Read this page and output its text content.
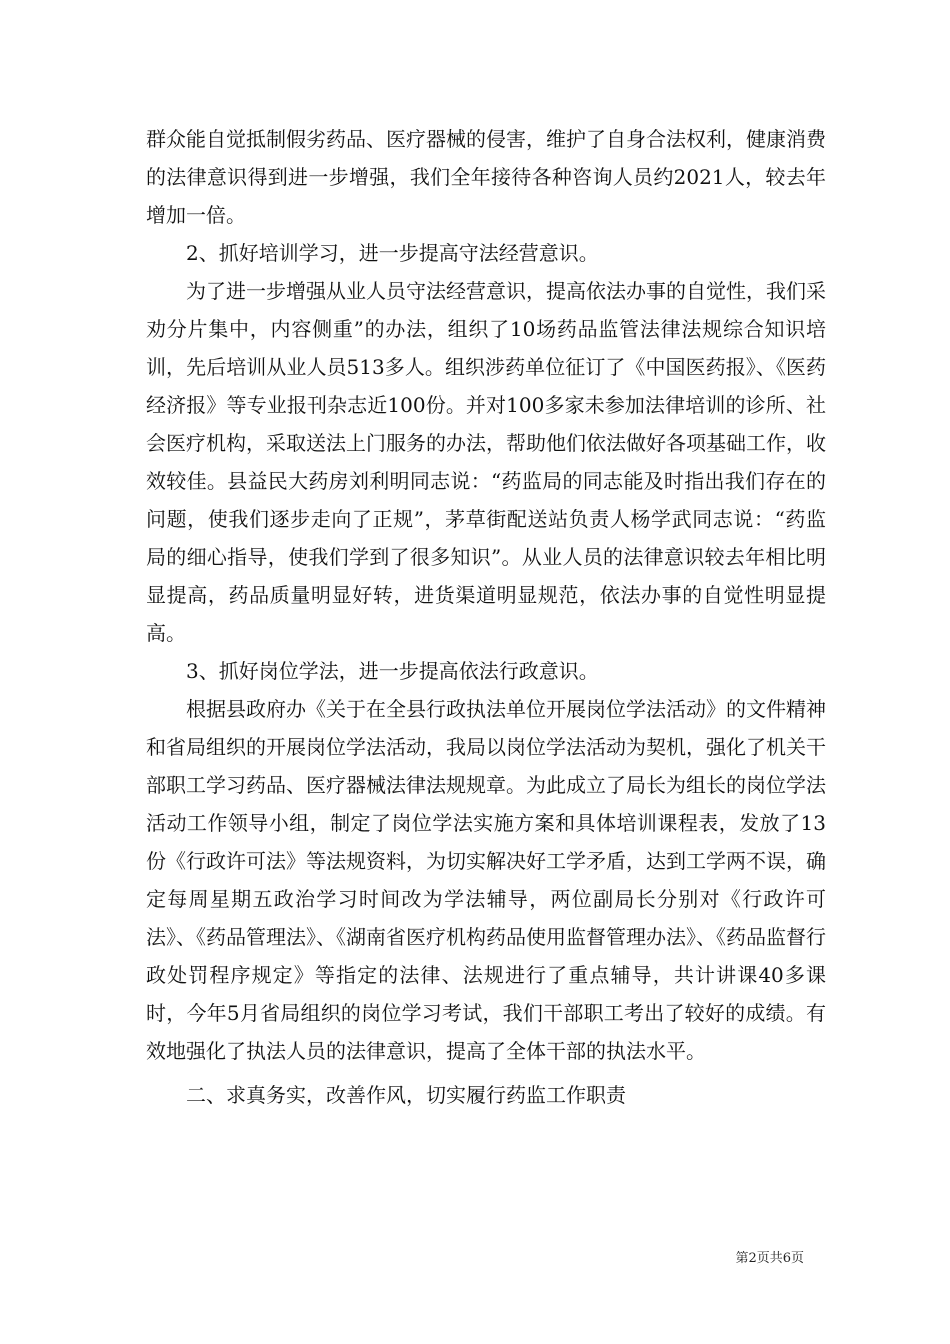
群众能自觉抵制假劣药品、医疗器械的侵害，维护了自身合法权利，健康消费的法律意识得到进一步增强，我们全年接待各种咨询人员约2021人，较去年增加一倍。

2、抓好培训学习，进一步提高守法经营意识。

为了进一步增强从业人员守法经营意识，提高依法办事的自觉性，我们采劝分片集中，内容侧重”的办法，组织了10场药品监管法律法规综合知识培训，先后培训从业人员513多人。组织涉药单位征订了《中国医药报》、《医药经济报》等专业报刊杂志近100份。并对100多家未参加法律培训的诊所、社会医疗机构，采取送法上门服务的办法，帮助他们依法做好各项基础工作，收效较佳。县益民大药房刘利明同志说：“药监局的同志能及时指出我们存在的问题，使我们逐步走向了正规”，茅草街配送站负责人杨学武同志说：“药监局的细心指导，使我们学到了很多知识”。从业人员的法律意识较去年相比明显提高，药品质量明显好转，进货渠道明显规范，依法办事的自觉性明显提高。

3、抓好岗位学法，进一步提高依法行政意识。

根据县政府办《关于在全县行政执法单位开展岗位学法活动》的文件精神和省局组织的开展岗位学法活动，我局以岗位学法活动为契机，强化了机关干部职工学习药品、医疗器械法律法规规章。为此成立了局长为组长的岗位学法活动工作领导小组，制定了岗位学法实施方案和具体培训课程表，发放了13份《行政许可法》等法规资料，为切实解决好工学矛盾，达到工学两不误，确定每周星期五政治学习时间改为学法辅导，两位副局长分别对《行政许可法》、《药品管理法》、《湖南省医疗机构药品使用监督管理办法》、《药品监督行政处罚程序规定》等指定的法律、法规进行了重点辅导，共计讲课40多课时，今年5月省局组织的岗位学习考试，我们干部职工考出了较好的成绩。有效地强化了执法人员的法律意识，提高了全体干部的执法水平。

二、求真务实，改善作风，切实履行药监工作职责

第2页共6页
